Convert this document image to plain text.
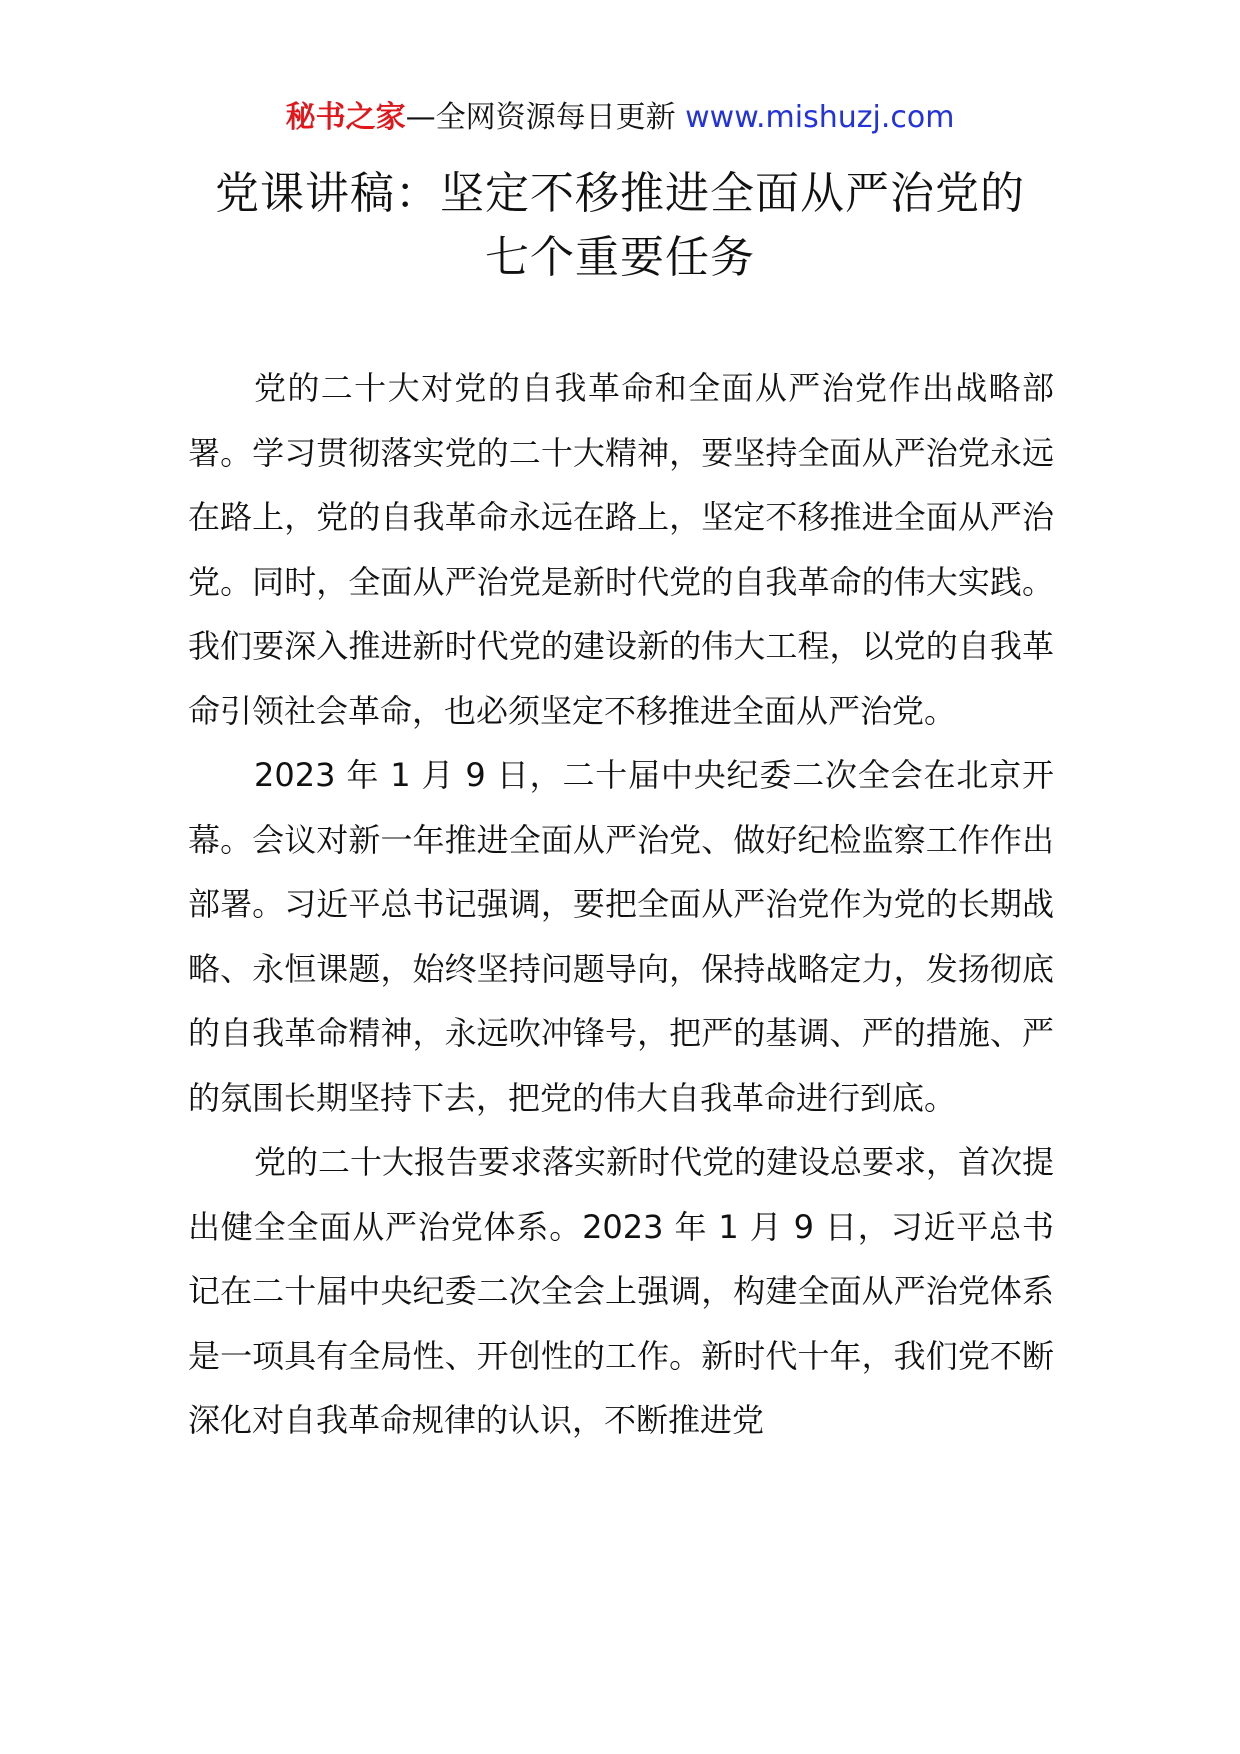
秘书之家—全网资源每日更新 www.mishuzj.com
党课讲稿：坚定不移推进全面从严治党的
七个重要任务

党的二十大对党的自我革命和全面从严治党作出战略部署。学习贯彻落实党的二十大精神，要坚持全面从严治党永远在路上，党的自我革命永远在路上，坚定不移推进全面从严治党。同时，全面从严治党是新时代党的自我革命的伟大实践。我们要深入推进新时代党的建设新的伟大工程，以党的自我革命引领社会革命，也必须坚定不移推进全面从严治党。

2023 年 1 月 9 日，二十届中央纪委二次全会在北京开幕。会议对新一年推进全面从严治党、做好纪检监察工作作出部署。习近平总书记强调，要把全面从严治党作为党的长期战略、永恒课题，始终坚持问题导向，保持战略定力，发扬彻底的自我革命精神，永远吹冲锋号，把严的基调、严的措施、严的氛围长期坚持下去，把党的伟大自我革命进行到底。

党的二十大报告要求落实新时代党的建设总要求，首次提出健全全面从严治党体系。2023 年 1 月 9 日，习近平总书记在二十届中央纪委二次全会上强调，构建全面从严治党体系是一项具有全局性、开创性的工作。新时代十年，我们党不断深化对自我革命规律的认识，不断推进党
